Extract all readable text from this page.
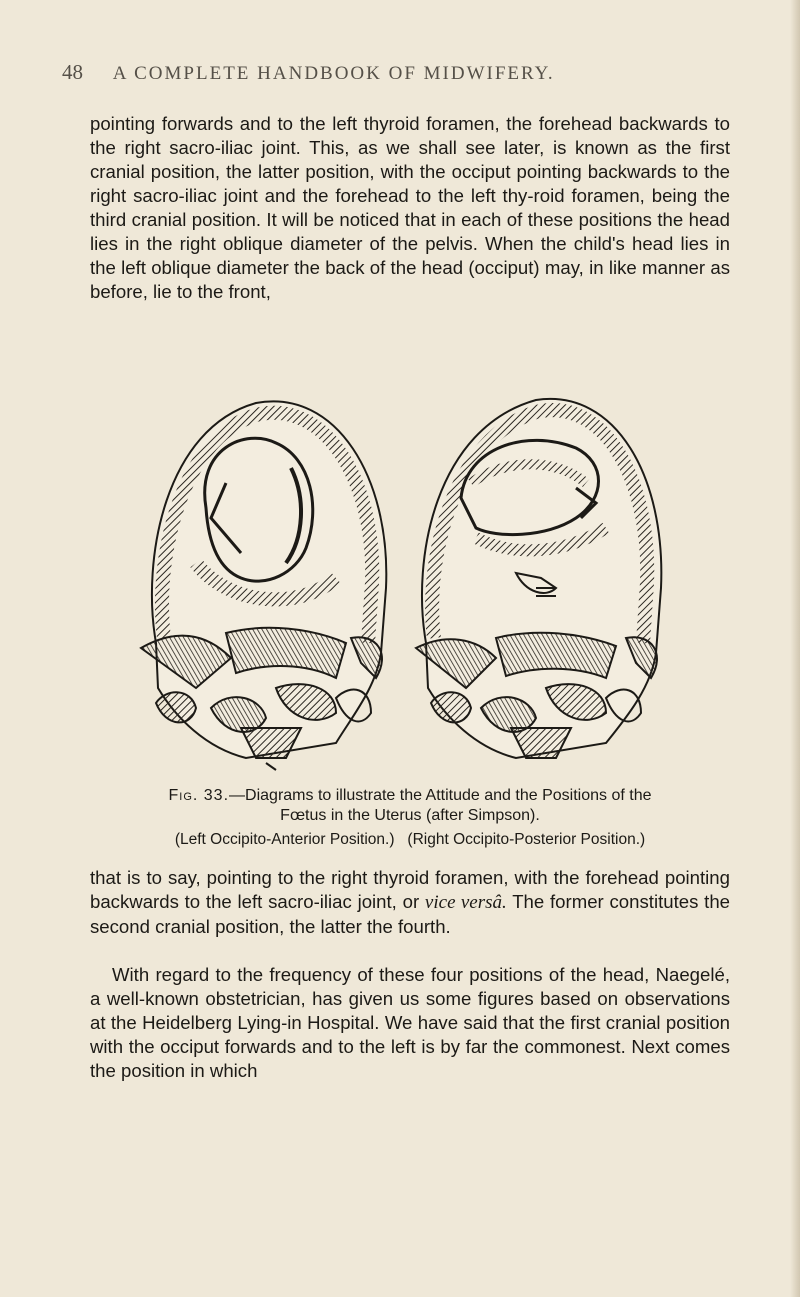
48 A COMPLETE HANDBOOK OF MIDWIFERY.

pointing forwards and to the left thyroid foramen, the forehead backwards to the right sacro-iliac joint. This, as we shall see later, is known as the first cranial position, the latter position, with the occiput pointing backwards to the right sacro-iliac joint and the forehead to the left thy-roid foramen, being the third cranial position. It will be noticed that in each of these positions the head lies in the right oblique diameter of the pelvis. When the child's head lies in the left oblique diameter the back of the head (occiput) may, in like manner as before, lie to the front,

Fig. 33.—Diagrams to illustrate the Attitude and the Positions of the
Fœtus in the Uterus (after Simpson).
(Left Occipito-Anterior Position.) (Right Occipito-Posterior Position.)

that is to say, pointing to the right thyroid foramen, with the forehead pointing backwards to the left sacro-iliac joint, or vice versâ. The former constitutes the second cranial position, the latter the fourth.

With regard to the frequency of these four positions of the head, Naegelé, a well-known obstetrician, has given us some figures based on observations at the Heidelberg Lying-in Hospital. We have said that the first cranial position with the occiput forwards and to the left is by far the commonest. Next comes the position in which
